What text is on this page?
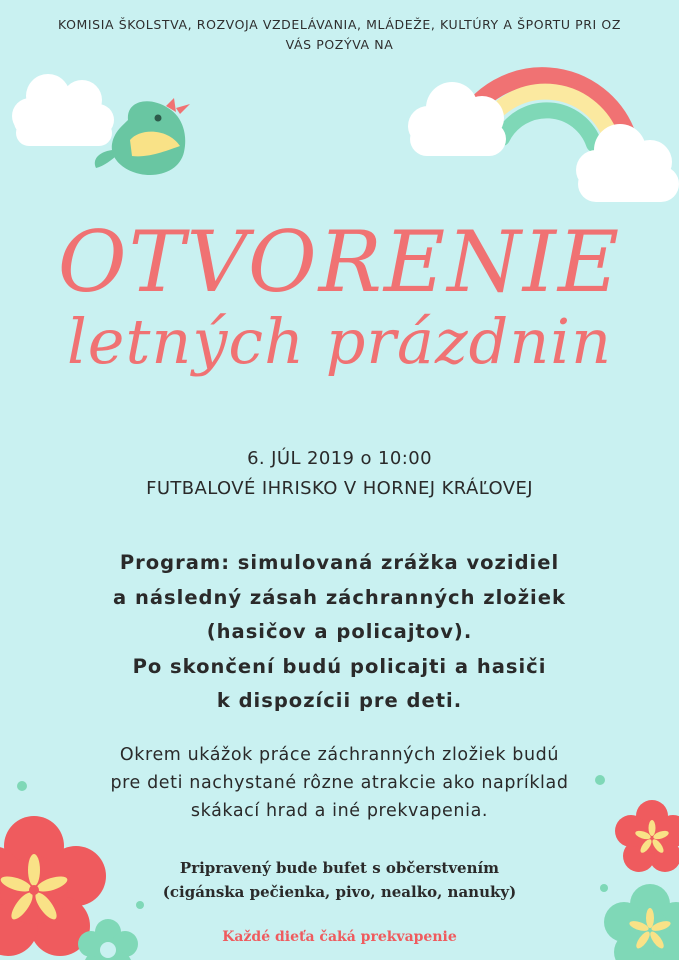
KOMISIA ŠKOLSTVA, ROZVOJA VZDELÁVANIA, MLÁDEŽE, KULTÚRY A ŠPORTU PRI OZ
VÁS POZÝVA NA
OTVORENIE
letných prázdnin
6. JÚL 2019 o 10:00
FUTBALOVÉ IHRISKO V HORNEJ KRÁĽOVEJ
Program: simulovaná zrážka vozidiel
a následný zásah záchranných zložiek
(hasičov a policajtov).
Po skončení budú policajti a hasiči
k dispozícii pre deti.
Okrem ukážok práce záchranných zložiek budú
pre deti nachystané rôzne atrakcie ako napríklad
skákací hrad a iné prekvapenia.
Pripravený bude bufet s občerstvením
(cigánska pečienka, pivo, nealko, nanuky)
Každé dieťa čaká prekvapenie
